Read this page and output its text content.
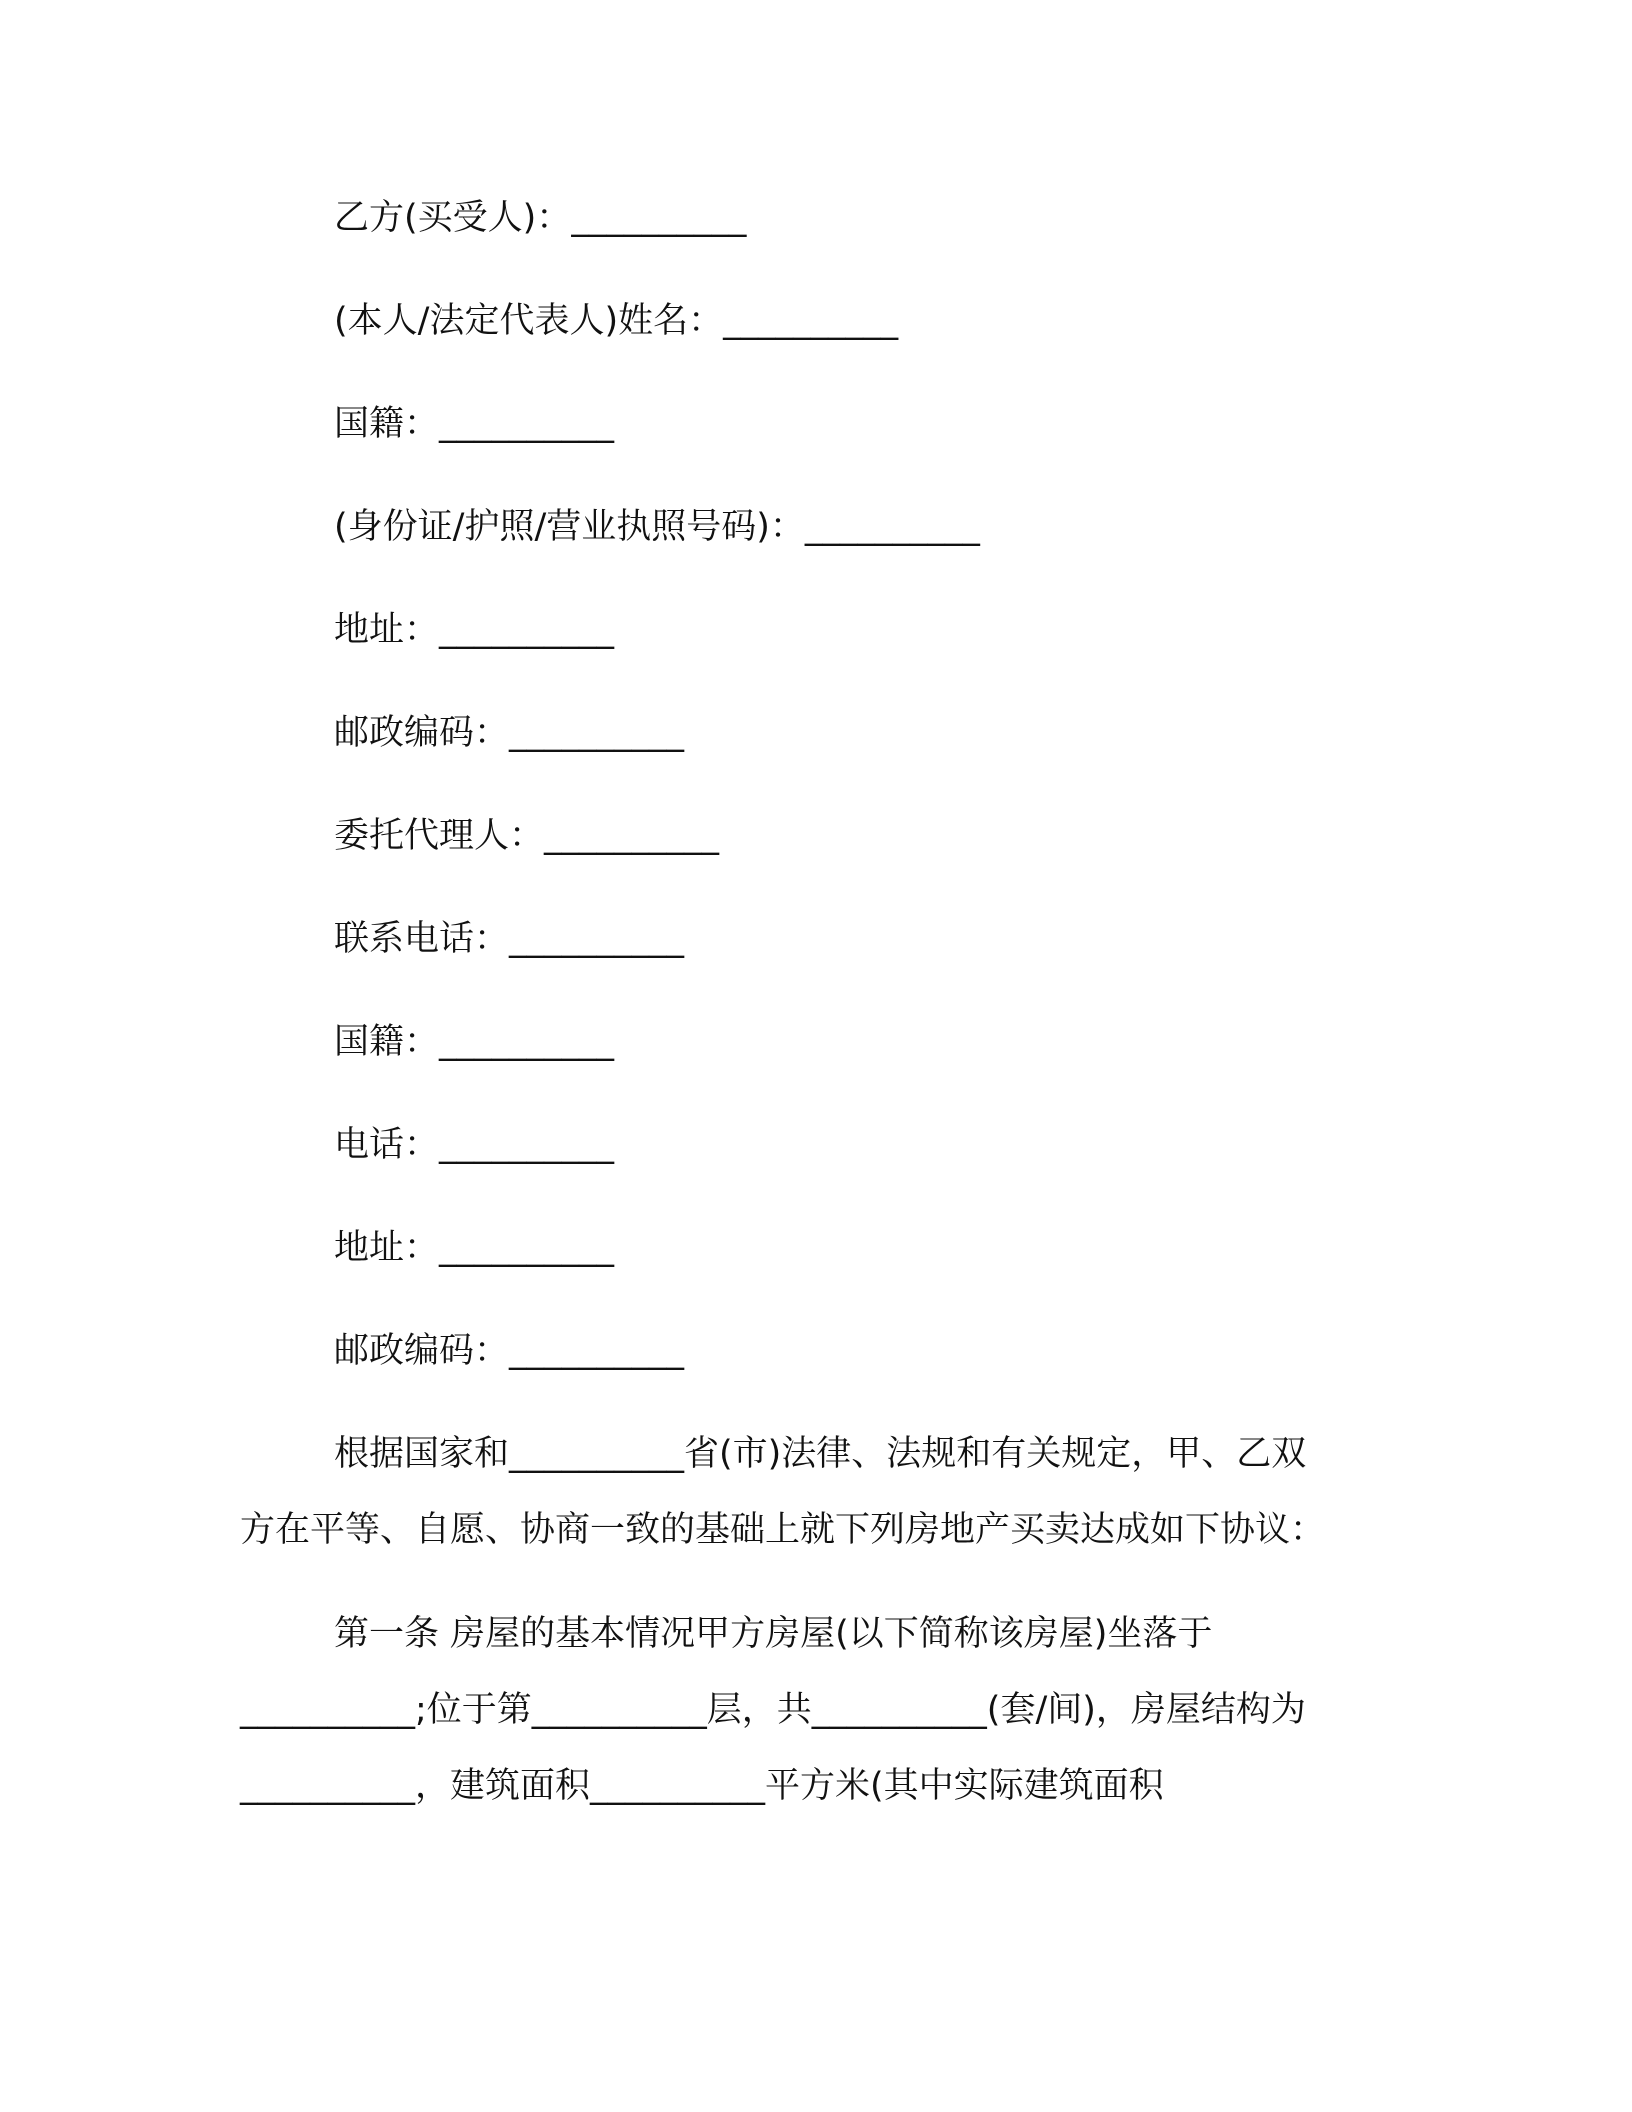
乙方(买受人)：__________
(本人/法定代表人)姓名：__________
国籍：__________
(身份证/护照/营业执照号码)：__________
地址：__________
邮政编码：__________
委托代理人：__________
联系电话：__________
国籍：__________
电话：__________
地址：__________
邮政编码：__________
根据国家和__________省(市)法律、法规和有关规定，甲、乙双
方在平等、自愿、协商一致的基础上就下列房地产买卖达成如下协议：
第一条 房屋的基本情况甲方房屋(以下简称该房屋)坐落于
__________;位于第__________层，共__________(套/间)，房屋结构为
__________，建筑面积__________平方米(其中实际建筑面积
